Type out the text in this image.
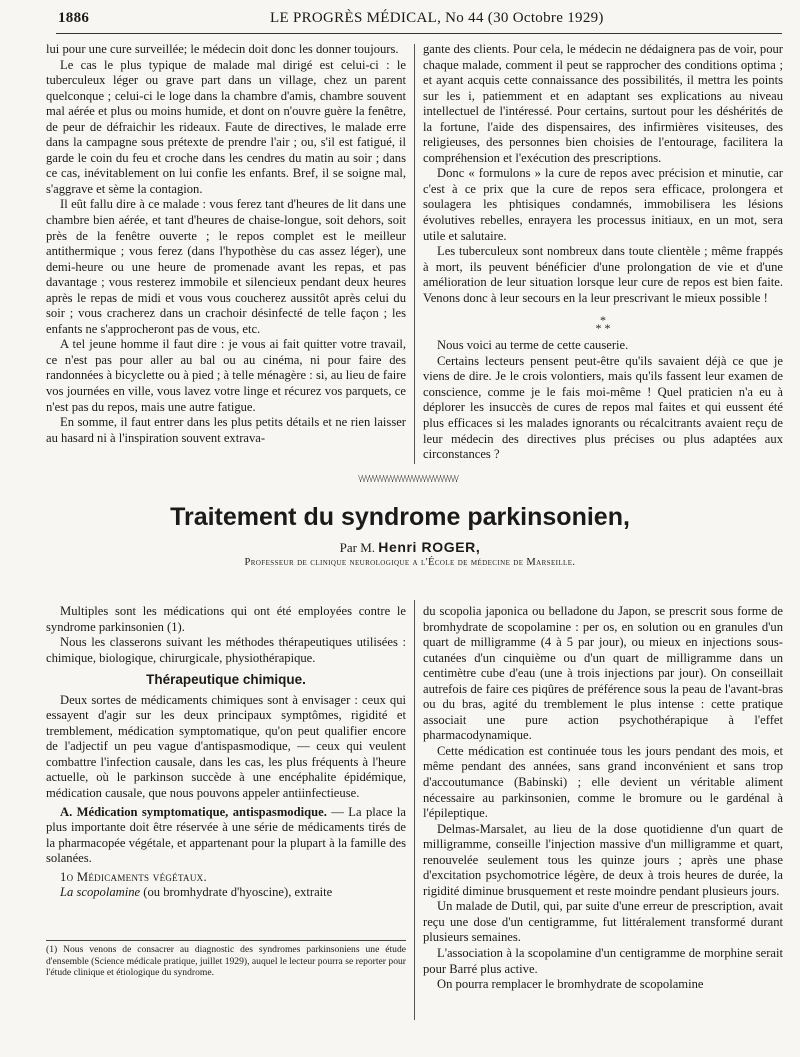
1886	LE PROGRÈS MÉDICAL, No 44 (30 Octobre 1929)

lui pour une cure surveillée; le médecin doit donc les donner toujours.

Le cas le plus typique de malade mal dirigé est celui-ci : le tuberculeux léger ou grave part dans un village, chez un parent quelconque ; celui-ci le loge dans la chambre d'amis, chambre souvent mal aérée et plus ou moins humide, et dont on n'ouvre guère la fenêtre, de peur de défraichir les rideaux. Faute de directives, le malade erre dans la campagne sous prétexte de prendre l'air ; ou, s'il est fatigué, il garde le coin du feu et croche dans les cendres du matin au soir ; dans ce cas, inévitablement on lui confie les enfants. Bref, il se soigne mal, s'aggrave et sème la contagion.

Il eût fallu dire à ce malade : vous ferez tant d'heures de lit dans une chambre bien aérée, et tant d'heures de chaise-longue, soit dehors, soit près de la fenêtre ouverte ; le repos complet est le meilleur antithermique ; vous ferez (dans l'hypothèse du cas assez léger), une demi-heure ou une heure de promenade avant les repas, et pas davantage ; vous resterez immobile et silencieux pendant deux heures après le repas de midi et vous vous coucherez aussitôt après celui du soir ; vous cracherez dans un crachoir désinfecté de telle façon ; les enfants ne s'approcheront pas de vous, etc.

A tel jeune homme il faut dire : je vous ai fait quitter votre travail, ce n'est pas pour aller au bal ou au cinéma, ni pour faire des randonnées à bicyclette ou à pied ; à telle ménagère : si, au lieu de faire vos journées en ville, vous lavez votre linge et récurez vos parquets, ce n'est pas du repos, mais une autre fatigue.

En somme, il faut entrer dans les plus petits détails et ne rien laisser au hasard ni à l'inspiration souvent extrava-

gante des clients. Pour cela, le médecin ne dédaignera pas de voir, pour chaque malade, comment il peut se rapprocher des conditions optima ; et ayant acquis cette connaissance des possibilités, il mettra les points sur les i, patiemment et en adaptant ses explications au niveau intellectuel de l'intéressé. Pour certains, surtout pour les déshérités de la fortune, l'aide des dispensaires, des infirmières visiteuses, des religieuses, des personnes bien choisies de l'entourage, facilitera la compréhension et l'exécution des prescriptions.

Donc « formulons » la cure de repos avec précision et minutie, car c'est à ce prix que la cure de repos sera efficace, prolongera et soulagera les phtisiques condamnés, immobilisera les lésions évolutives rebelles, enrayera les processus initiaux, en un mot, sera utile et salutaire.

Les tuberculeux sont nombreux dans toute clientèle ; même frappés à mort, ils peuvent bénéficier d'une prolongation de vie et d'une amélioration de leur situation lorsque leur cure de repos est bien faite. Venons donc à leur secours en la leur prescrivant le mieux possible !

*
* *

Nous voici au terme de cette causerie.

Certains lecteurs pensent peut-être qu'ils savaient déjà ce que je viens de dire. Je le crois volontiers, mais qu'ils fassent leur examen de conscience, comme je le fais moi-même ! Quel praticien n'a eu à déplorer les insuccès de cures de repos mal faites et qui eussent été plus efficaces si les malades ignorants ou récalcitrants avaient reçu de leur médecin des directives plus précises ou plus adaptées aux circonstances ?

\/\/\/\/\/\/\/\/\/\/\/\/\/\/\/\/\/\/\/\/\/\/\/\/\/\/\/\/
Traitement du syndrome parkinsonien,
Par M. Henri ROGER,
Professeur de clinique neurologique a l'École de médecine de Marseille.

Multiples sont les médications qui ont été employées contre le syndrome parkinsonien (1).

Nous les classerons suivant les méthodes thérapeutiques utilisées : chimique, biologique, chirurgicale, physiothérapique.

Thérapeutique chimique.

Deux sortes de médicaments chimiques sont à envisager : ceux qui essayent d'agir sur les deux principaux symptômes, rigidité et tremblement, médication symptomatique, qu'on peut qualifier encore de l'adjectif un peu vague d'antispasmodique, — ceux qui veulent combattre l'infection causale, dans les cas, les plus fréquents à l'heure actuelle, où le parkinson succède à une encéphalite épidémique, médication causale, que nous pouvons appeler antiinfectieuse.

A. Médication symptomatique, antispasmodique. — La place la plus importante doit être réservée à une série de médicaments tirés de la pharmacopée végétale, et appartenant pour la plupart à la famille des solanées.

1o Médicaments végétaux.

La scopolamine (ou bromhydrate d'hyoscine), extraite

(1) Nous venons de consacrer au diagnostic des syndromes parkinsoniens une étude d'ensemble (Science médicale pratique, juillet 1929), auquel le lecteur pourra se reporter pour l'étude clinique et étiologique du syndrome.

du scopolia japonica ou belladone du Japon, se prescrit sous forme de bromhydrate de scopolamine : per os, en solution ou en granules d'un quart de milligramme (4 à 5 par jour), ou mieux en injections sous-cutanées d'un cinquième ou d'un quart de milligramme dans un centimètre cube d'eau (une à trois injections par jour). On conseillait autrefois de faire ces piqûres de préférence sous la peau de l'avant-bras ou du bras, agité du tremblement le plus intense : cette pratique associait une pure action psychothérapique à l'effet pharmacodynamique.

Cette médication est continuée tous les jours pendant des mois, et même pendant des années, sans grand inconvénient et sans trop d'accoutumance (Babinski) ; elle devient un véritable aliment nécessaire au parkinsonien, comme le bromure ou le gardénal à l'épileptique.

Delmas-Marsalet, au lieu de la dose quotidienne d'un quart de milligramme, conseille l'injection massive d'un milligramme et quart, renouvelée seulement tous les quinze jours ; après une phase d'excitation psychomotrice légère, de deux à trois heures de durée, la rigidité diminue brusquement et reste moindre pendant plusieurs jours.

Un malade de Dutil, qui, par suite d'une erreur de prescription, avait reçu une dose d'un centigramme, fut littéralement transformé durant plusieurs semaines.

L'association à la scopolamine d'un centigramme de morphine serait pour Barré plus active.

On pourra remplacer le bromhydrate de scopolamine
